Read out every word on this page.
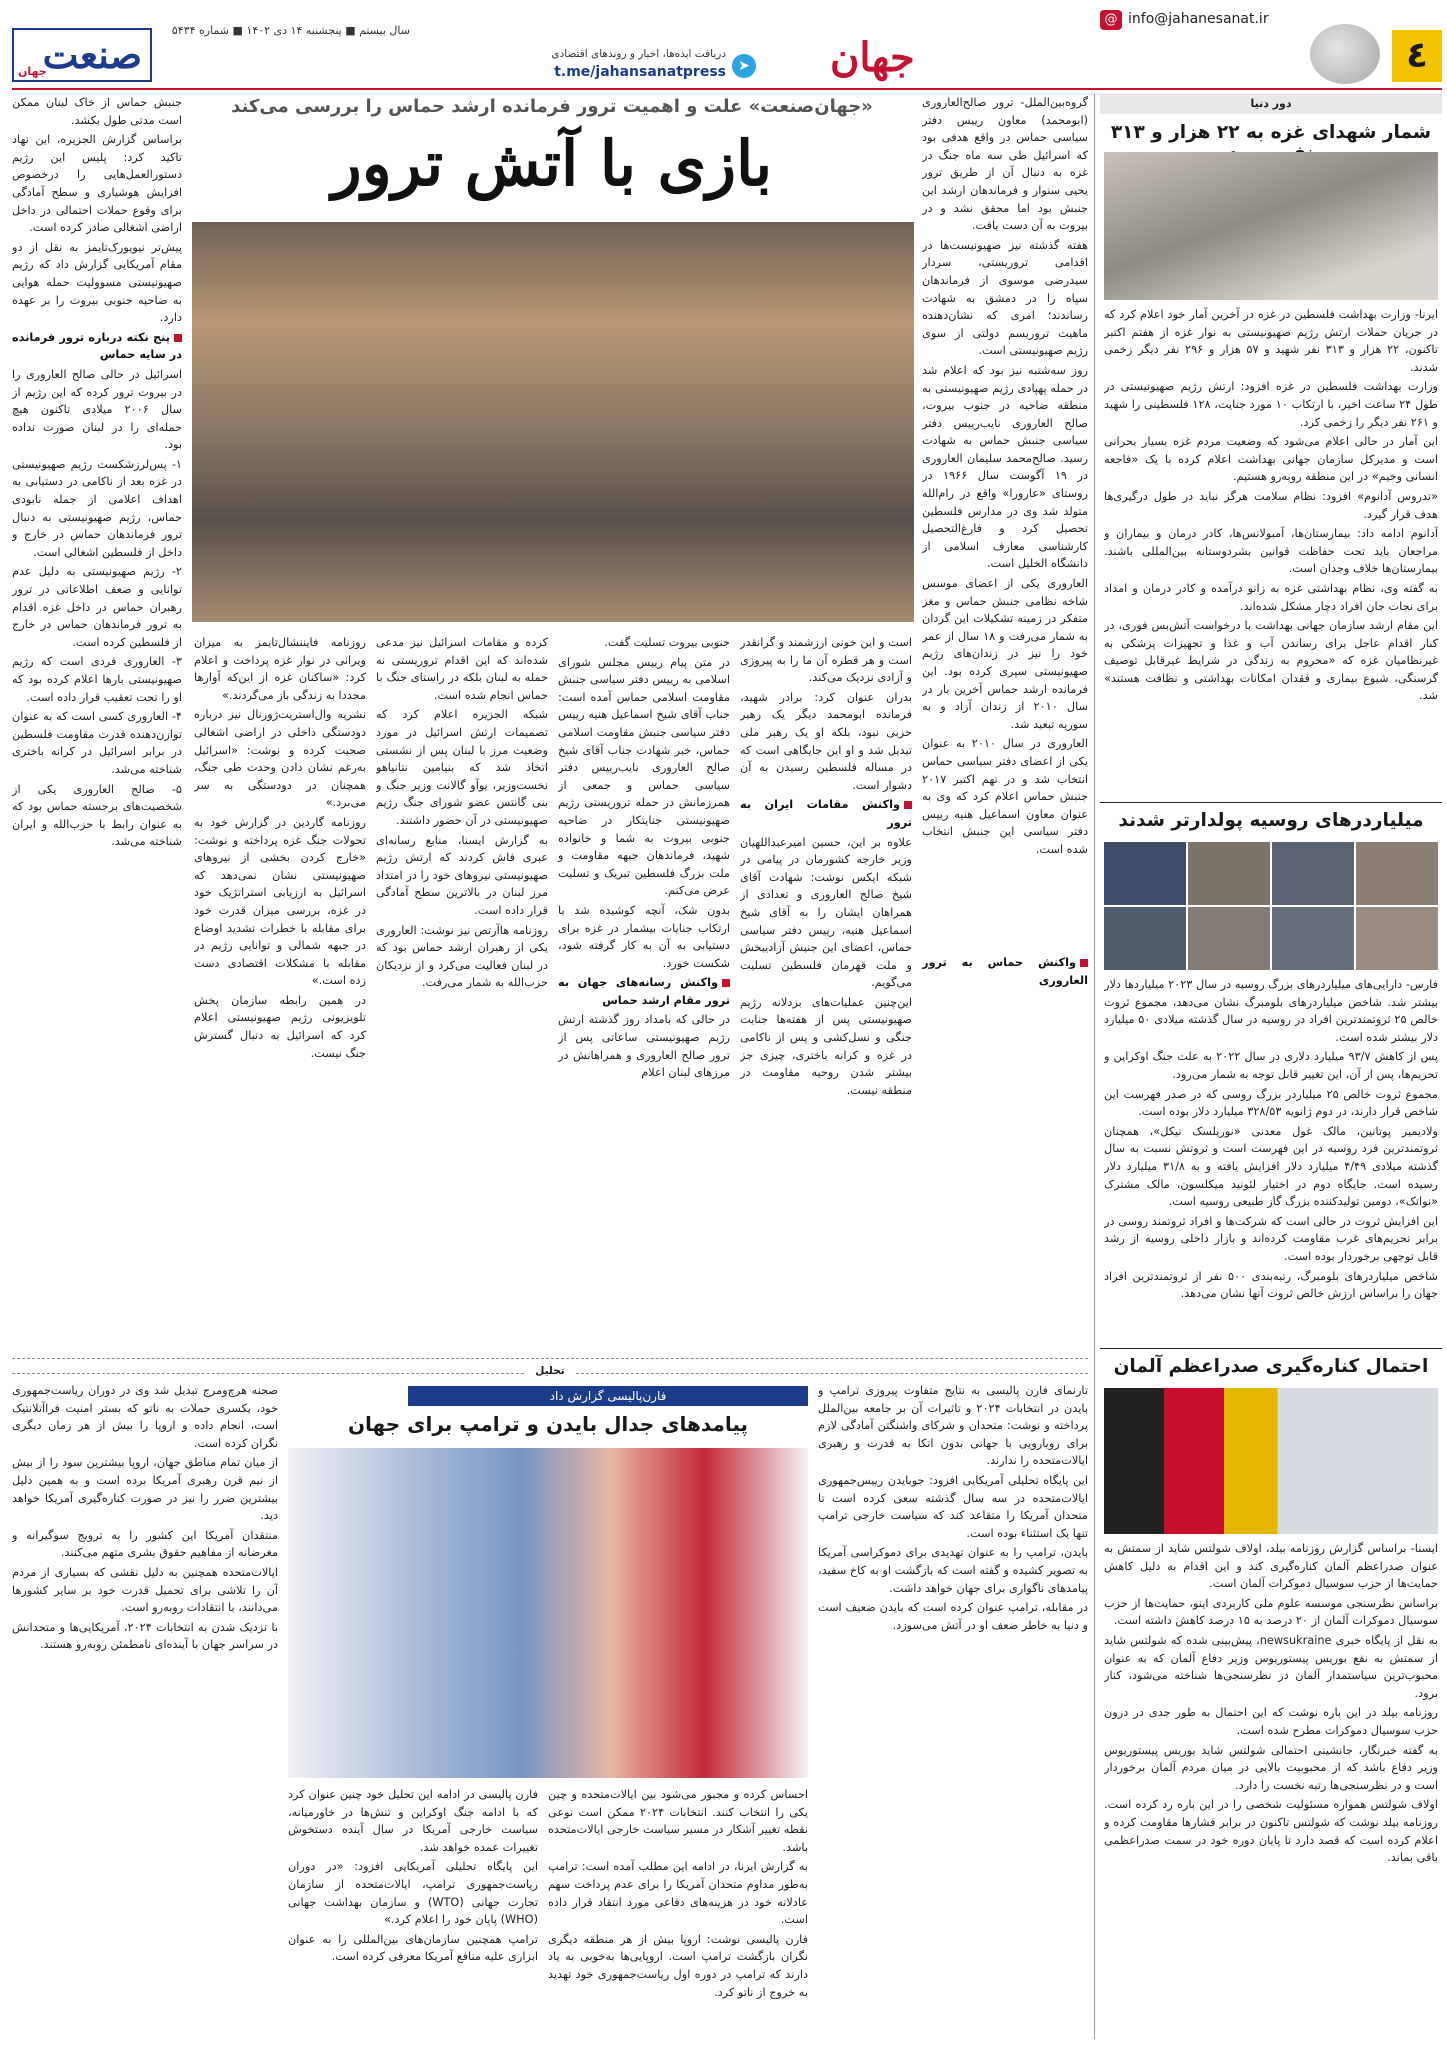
صنعت
جهان
سال بیستم ■ پنجشنبه ۱۴ دی ۱۴۰۲ ■ شماره ۵۴۳۴
دریافت ایده‌ها، اخبار و روندهای اقتصادی
t.me/jahansanatpress ➤ جهان
@ info@jahanesanat.ir
٤
دور دنیا
شمار شهدای غزه به ۲۲ هزار و ۳۱۳

ایرنا- وزارت بهداشت فلسطین در غزه در آخرین آمار خود اعلام کرد که در جریان حملات ارتش رژیم صهیونیستی به نوار غزه از هفتم اکتبر تاکنون، ۲۲ هزار و ۳۱۳ نفر شهید و ۵۷ هزار و ۲۹۶ نفر دیگر زخمی شدند.

وزارت بهداشت فلسطین در غزه افزود: ارتش رژیم صهیونیستی در طول ۲۴ ساعت اخیر، با ارتکاب ۱۰ مورد جنایت، ۱۲۸ فلسطینی را شهید و ۲۶۱ نفر دیگر را زخمی کرد.

این آمار در حالی اعلام می‌شود که وضعیت مردم غزه بسیار بحرانی است و مدیرکل سازمان جهانی بهداشت اعلام کرده با یک «فاجعه انسانی وخیم» در این منطقه روبه‌رو هستیم.

«تدروس آدانوم» افزود: نظام سلامت هرگز نباید در طول درگیری‌ها هدف قرار گیرد.

آدانوم ادامه داد: بیمارستان‌ها، آمبولانس‌ها، کادر درمان و بیماران و مراجعان باید تحت حفاظت قوانین بشردوستانه بین‌المللی باشند. بیمارستان‌ها خلاف وجدان است.

به گفته وی، نظام بهداشتی غزه به زانو درآمده و کادر درمان و امداد برای نجات جان افراد دچار مشکل شده‌اند.

این مقام ارشد سازمان جهانی بهداشت با درخواست آتش‌بس فوری، در کنار اقدام عاجل برای رساندن آب و غذا و تجهیزات پزشکی به غیرنظامیان غزه که «محروم به زندگی در شرایط غیرقابل توصیف گرسنگی، شیوع بیماری و فقدان امکانات بهداشتی و نظافت هستند» شد.

میلیاردرهای روسیه پولدارتر شدند

فارس- دارایی‌های میلیاردرهای بزرگ روسیه در سال ۲۰۲۳ میلیاردها دلار بیشتر شد. شاخص میلیاردرهای بلومبرگ نشان می‌دهد، مجموع ثروت خالص ۲۵ ثروتمندترین افراد در روسیه در سال گذشته میلادی ۵۰ میلیارد دلار بیشتر شده است.

پس از کاهش ۹۳/۷ میلیارد دلاری در سال ۲۰۲۲ به علت جنگ اوکراین و تحریم‌ها، پس از آن، این تغییر قابل توجه به شمار می‌رود.

مجموع ثروت خالص ۲۵ میلیاردر بزرگ روسی که در صدر فهرست این شاخص قرار دارند، در دوم ژانویه ۳۲۸/۵۳ میلیارد دلار بوده است.

ولادیمیر پوتانین، مالک غول معدنی «نوریلسک نیکل»، همچنان ثروتمندترین فرد روسیه در این فهرست است و ثروتش نسبت به سال گذشته میلادی ۴/۴۹ میلیارد دلار افزایش یافته و به ۳۱/۸ میلیارد دلار رسیده است. جایگاه دوم در اختیار لئونید میکلسون، مالک مشترک «نواتک»، دومین تولیدکننده بزرگ گاز طبیعی روسیه است.

این افزایش ثروت در حالی است که شرکت‌ها و افراد ثروتمند روسی در برابر تحریم‌های غرب مقاومت کرده‌اند و بازار داخلی روسیه از رشد قابل توجهی برخوردار بوده است.

شاخص میلیاردرهای بلومبرگ، رتبه‌بندی ۵۰۰ نفر از ثروتمندترین افراد جهان را براساس ارزش خالص ثروت آنها نشان می‌دهد.

احتمال کناره‌گیری صدراعظم آلمان

ایسنا- براساس گزارش روزنامه بیلد، اولاف شولتس شاید از سمتش به عنوان صدراعظم آلمان کناره‌گیری کند و این اقدام به دلیل کاهش حمایت‌ها از حزب سوسیال دموکرات آلمان است.

براساس نظرسنجی موسسه علوم ملی کاربردی اینو، حمایت‌ها از حزب سوسیال دموکرات آلمان از ۲۰ درصد به ۱۵ درصد کاهش داشته است.

به نقل از پایگاه خبری newsukraine، پیش‌بینی شده که شولتس شاید از سمتش به نفع بوریس پیستوریوس وزیر دفاع آلمان که به عنوان محبوب‌ترین سیاستمدار آلمان در نظرسنجی‌ها شناخته می‌شود، کنار برود.

روزنامه بیلد در این باره نوشت که این احتمال به طور جدی در درون حزب سوسیال دموکرات مطرح شده است.

به گفته خبرنگار، جانشینی احتمالی شولتس شاید بوریس پیستوریوس وزیر دفاع باشد که از محبوبیت بالایی در میان مردم آلمان برخوردار است و در نظرسنجی‌ها رتبه نخست را دارد.

اولاف شولتس همواره مسئولیت شخصی را در این باره رد کرده است. روزنامه بیلد نوشت که شولتس تاکنون در برابر فشارها مقاومت کرده و اعلام کرده است که قصد دارد تا پایان دوره خود در سمت صدراعظمی باقی بماند.

گروه‌بین‌الملل- ترور صالح‌العاروری (ابومحمد) معاون رییس دفتر سیاسی حماس در واقع هدفی بود که اسرائیل طی سه ماه جنگ در غزه به دنبال آن از طریق ترور یحیی سنوار و فرماندهان ارشد این جنبش بود اما محقق نشد و در بیروت به آن دست یافت.

هفته گذشته نیز صهیونیست‌ها در اقدامی تروریستی، سردار سید‌رضی موسوی از فرماندهان سپاه را در دمشق به شهادت رساندند؛ امری که نشان‌دهنده ماهیت تروریسم دولتی از سوی رژیم صهیونیستی است.

روز سه‌شنبه نیز بود که اعلام شد در حمله پهپادی رژیم صهیونیستی به منطقه ضاحیه در جنوب بیروت، صالح العاروری نایب‌رییس دفتر سیاسی جنبش حماس به شهادت رسید. صالح‌محمد سلیمان العاروری در ۱۹ آگوست سال ۱۹۶۶ در روستای «عارورا» واقع در رام‌الله متولد شد وی در مدارس فلسطین تحصیل کرد و فارغ‌التحصیل کارشناسی معارف اسلامی از دانشگاه الخلیل است.

العاروری یکی از اعضای موسس شاخه نظامی جنبش حماس و مغز متفکر در زمینه تشکیلات این گردان به شمار می‌رفت و ۱۸ سال از عمر خود را نیز در زندان‌های رژیم صهیونیستی سپری کرده بود. این فرمانده ارشد حماس آخرین بار در سال ۲۰۱۰ از زندان آزاد و به سوریه تبعید شد.

العاروری در سال ۲۰۱۰ به عنوان یکی از اعضای دفتر سیاسی حماس انتخاب شد و در نهم اکتبر ۲۰۱۷ جنبش حماس اعلام کرد که وی به عنوان معاون اسماعیل هنیه رییس دفتر سیاسی این جنبش انتخاب شده است.

«جهان‌صنعت» علت و اهمیت ترور فرمانده ارشد حماس را بررسی می‌کند
بازی با آتش ترور

جنبش حماس از خاک لبنان ممکن است مدتی طول بکشد.

براساس گزارش الجزیره، این نهاد تاکید کرد: پلیس این رژیم دستورالعمل‌هایی را درخصوص افزایش هوشیاری و سطح آمادگی برای وقوع حملات احتمالی در داخل اراضی اشغالی صادر کرده است.

پیش‌تر نیویورک‌تایمز به نقل از دو مقام آمریکایی گزارش داد که رژیم صهیونیستی مسوولیت حمله هوایی به ضاحیه جنوبی بیروت را بر عهده دارد.

پنج نکته درباره ترور فرمانده در سایه حماس

اسرائیل در حالی صالح العاروری را در بیروت ترور کرده که این رژیم از سال ۲۰۰۶ میلادی تاکنون هیچ حمله‌ای را در لبنان صورت نداده بود.

۱- پس‌لرزشکست رژیم صهیونیستی در غزه بعد از ناکامی در دستیابی به اهداف اعلامی از جمله نابودی حماس، رژیم صهیونیستی به دنبال ترور فرماندهان حماس در خارج و داخل از فلسطین اشغالی است.

۲- رژیم صهیونیستی به دلیل عدم توانایی و ضعف اطلاعاتی در ترور رهبران حماس در داخل غزه اقدام به ترور فرماندهان حماس در خارج از فلسطین کرده است.

۳- العاروری فردی است که رژیم صهیونیستی بارها اعلام کرده بود که او را تحت تعقیب قرار داده است.

۴- العاروری کسی است که به عنوان توازن‌دهنده قدرت مقاومت فلسطین در برابر اسرائیل در کرانه باختری شناخته می‌شد.

۵- صالح العاروری یکی از شخصیت‌های برجسته حماس بود که به عنوان رابط با حزب‌الله و ایران شناخته می‌شد.

است و این خونی ارزشمند و گرانقدر است و هر قطره آن ما را به پیروزی و آزادی نزدیک می‌کند.

بدران عنوان کرد: برادر شهید، فرمانده ابومحمد دیگر یک رهبر حزبی نبود، بلکه او یک رهبر ملی تبدیل شد و او این جایگاهی است که در مساله فلسطین رسیدن به آن دشوار است.

واکنش مقامات ایران به ترور

علاوه بر این، حسین امیرعبداللهیان وزیر خارجه کشورمان در پیامی در شبکه ایکس نوشت: شهادت آقای شیخ صالح العاروری و تعدادی از همراهان ایشان را به آقای شیخ اسماعیل هنیه، رییس دفتر سیاسی حماس، اعضای این جنبش آزادیبخش و ملت قهرمان فلسطین تسلیت می‌گویم.

این‌چنین عملیات‌های بزدلانه رژیم صهیونیستی پس از هفته‌ها جنایت جنگی و نسل‌کشی و پس از ناکامی در غزه و کرانه باختری، چیزی جز بیشتر شدن روحیه مقاومت در منطقه نیست.

جنوبی بیروت تسلیت گفت.

در متن پیام رییس مجلس شورای اسلامی به رییس دفتر سیاسی جنبش مقاومت اسلامی حماس آمده است: جناب آقای شیخ اسماعیل هنیه رییس دفتر سیاسی جنبش مقاومت اسلامی حماس، خبر شهادت جناب آقای شیخ صالح العاروری نایب‌رییس دفتر سیاسی حماس و جمعی از همرزمانش در حمله تروریستی رژیم صهیونیستی جنایتکار در ضاحیه جنوبی بیروت به شما و خانواده شهید، فرماندهان جبهه مقاومت و ملت بزرگ فلسطین تبریک و تسلیت عرض می‌کنم.

بدون شک، آنچه کوشیده شد با ارتکاب جنایات بیشمار در غزه برای دستیابی به آن به کار گرفته شود، شکست خورد.

واکنش رسانه‌های جهان به ترور مقام ارشد حماس

در حالی که بامداد روز گذشته ارتش رژیم صهیونیستی ساعاتی پس از ترور صالح العاروری و همراهانش در مرزهای لبنان اعلام

کرده و مقامات اسرائیل نیز مدعی شده‌اند که این اقدام تروریستی نه حمله به لبنان بلکه در راستای جنگ با حماس انجام شده است.

شبکه الجزیره اعلام کرد که تصمیمات ارتش اسرائیل در مورد وضعیت مرز با لبنان پس از نشستی اتخاذ شد که بنیامین نتانیاهو نخست‌وزیر، یوآو گالانت وزیر جنگ و بنی گانتس عضو شورای جنگ رژیم صهیونیستی در آن حضور داشتند.

به گزارش ایسنا، منابع رسانه‌ای عبری فاش کردند که ارتش رژیم صهیونیستی نیروهای خود را در امتداد مرز لبنان در بالاترین سطح آمادگی قرار داده است.

روزنامه هاآرتص نیز نوشت: العاروری یکی از رهبران ارشد حماس بود که در لبنان فعالیت می‌کرد و از نزدیکان حزب‌الله به شمار می‌رفت.

روزنامه فایننشال‌تایمز به میزان ویرانی در نوار غزه پرداخت و اعلام کرد: «ساکنان غزه از این‌که آوارها مجددا به زندگی باز می‌گردند.»

نشریه وال‌استریت‌ژورنال نیز درباره دودستگی داخلی در اراضی اشغالی صحبت کرده و نوشت: «اسرائیل به‌رغم نشان دادن وحدت طی جنگ، همچنان در دودستگی به سر می‌برد.»

روزنامه گاردین در گزارش خود به تحولات جنگ غزه پرداخته و نوشت: «خارج کردن بخشی از نیروهای صهیونیستی نشان نمی‌دهد که اسرائیل به ارزیابی استراتژیک خود در غزه، بررسی میزان قدرت خود برای مقابله با خطرات تشدید اوضاع در جبهه شمالی و توانایی رژیم در مقابله با مشکلات اقتصادی دست زده است.»

در همین رابطه سازمان پخش تلویزیونی رژیم صهیونیستی اعلام کرد که اسرائیل به دنبال گسترش جنگ نیست.

واکنش حماس به ترور العاروری

تحلیل

تارنمای فارن پالیسی به نتایج متفاوت پیروزی ترامپ و بایدن در انتخابات ۲۰۲۴ و تاثیرات آن بر جامعه بین‌الملل پرداخته و نوشت: متحدان و شرکای واشنگتن آمادگی لازم برای رویارویی با جهانی بدون اتکا به قدرت و رهبری ایالات‌متحده را ندارند.

این پایگاه تحلیلی آمریکایی افزود: جوبایدن رییس‌جمهوری ایالات‌متحده در سه سال گذشته سعی کرده است تا متحدان آمریکا را متقاعد کند که سیاست خارجی ترامپ تنها یک استثناء بوده است.

بایدن، ترامپ را به عنوان تهدیدی برای دموکراسی آمریکا به تصویر کشیده و گفته است که بازگشت او به کاخ سفید، پیامدهای ناگواری برای جهان خواهد داشت.

در مقابله، ترامپ عنوان کرده است که بایدن ضعیف است و دنیا به خاطر ضعف او در آتش می‌سوزد.

فارن‌پالیسی گزارش داد
پیامدهای جدال بایدن و ترامپ برای جهان

احساس کرده و مجبور می‌شود بین ایالات‌متحده و چین یکی را انتخاب کنند. انتخابات ۲۰۲۴ ممکن است نوعی نقطه تغییر آشکار در مسیر سیاست خارجی ایالات‌متحده باشد.

به گزارش ایرنا، در ادامه این مطلب آمده است: ترامپ به‌طور مداوم متحدان آمریکا را برای عدم پرداخت سهم عادلانه خود در هزینه‌های دفاعی مورد انتقاد قرار داده است.

فارن پالیسی نوشت: اروپا بیش از هر منطقه دیگری نگران بازگشت ترامپ است. اروپایی‌ها به‌خوبی به یاد دارند که ترامپ در دوره اول ریاست‌جمهوری خود تهدید به خروج از ناتو کرد.

فارن پالیسی در ادامه این تحلیل خود چنین عنوان کرد که با ادامه جنگ اوکراین و تنش‌ها در خاورمیانه، سیاست خارجی آمریکا در سال آینده دستخوش تغییرات عمده خواهد شد.

این پایگاه تحلیلی آمریکایی افزود: «در دوران ریاست‌جمهوری ترامپ، ایالات‌متحده از سازمان تجارت جهانی (WTO) و سازمان بهداشت جهانی (WHO) پایان خود را اعلام کرد.»

ترامپ همچنین سازمان‌های بین‌المللی را به عنوان ابزاری علیه منافع آمریکا معرفی کرده است.

صحنه هرچ‌ومرج تبدیل شد وی در دوران ریاست‌جمهوری خود، یکسری حملات به ناتو که بستر امنیت فراآتلانتیک است، انجام داده و اروپا را بیش از هر زمان دیگری نگران کرده است.

از میان تمام مناطق جهان، اروپا بیشترین سود را از بیش از نیم قرن رهبری آمریکا برده است و به همین دلیل بیشترین ضرر را نیز در صورت کناره‌گیری آمریکا خواهد دید.

منتقدان آمریکا این کشور را به ترویج سوگیرانه و مغرضانه از مفاهیم حقوق بشری متهم می‌کنند.

ایالات‌متحده همچنین به دلیل نقشی که بسیاری از مردم آن را تلاشی برای تحمیل قدرت خود بر سایر کشورها می‌دانند، با انتقادات روبه‌رو است.

با نزدیک شدن به انتخابات ۲۰۲۴، آمریکایی‌ها و متحدانش در سراسر جهان با آینده‌ای نامطمئن روبه‌رو هستند.
